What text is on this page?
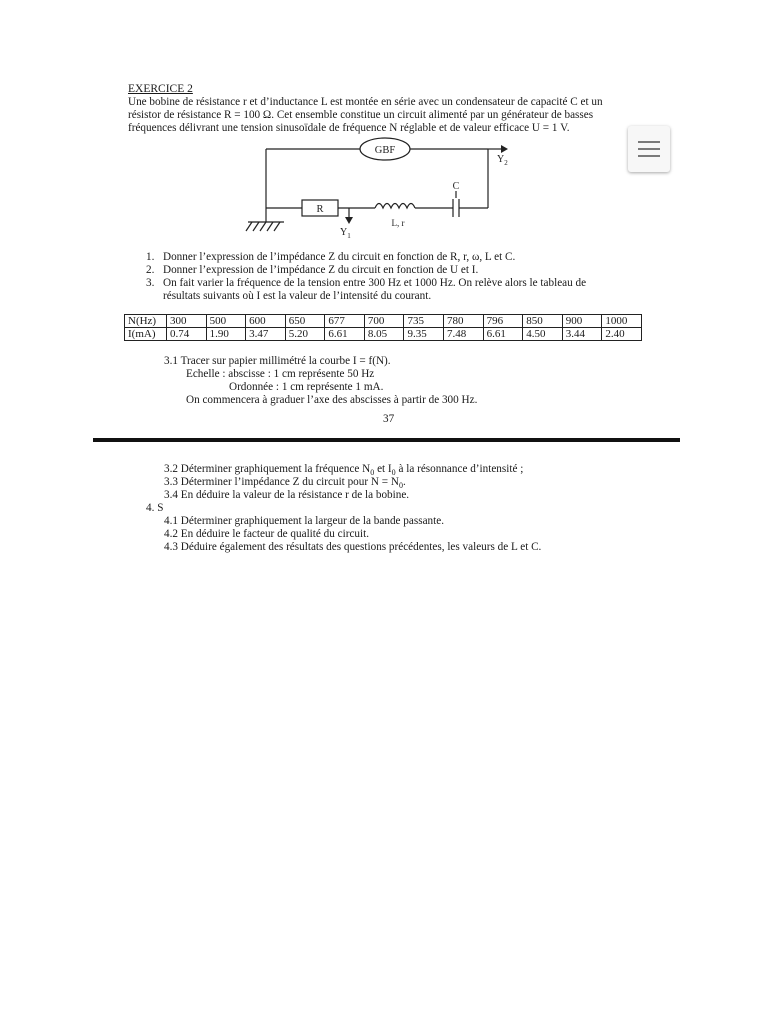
EXERCICE 2

Une bobine de résistance r et d’inductance L est montée en série avec un condensateur de capacité C et un

résistor de résistance R = 100 Ω. Cet ensemble constitue un circuit alimenté par un générateur de basses

fréquences délivrant une tension sinusoïdale de fréquence N réglable et de valeur efficace U = 1 V.

GBF
R
L, r
C
$Y_1$
$Y_2$

1. Donner l’expression de l’impédance Z du circuit en fonction de R, r, ω, L et C.

2. Donner l’expression de l’impédance Z du circuit en fonction de U et I.

3. On fait varier la fréquence de la tension entre 300 Hz et 1000 Hz. On relève alors le tableau de

résultats suivants où I est la valeur de l’intensité du courant.

N(Hz)	300	500	600	650	677	700	735	780	796	850	900	1000
I(mA)	0.74	1.90	3.47	5.20	6.61	8.05	9.35	7.48	6.61	4.50	3.44	2.40

3.1 Tracer sur papier millimétré la courbe I = f(N).

Echelle : abscisse : 1 cm représente 50 Hz

Ordonnée : 1 cm représente 1 mA.

On commencera à graduer l’axe des abscisses à partir de 300 Hz.

37

3.2 Déterminer graphiquement la fréquence $N_0$ et $I_0$ à la résonnance d’intensité ;

3.3 Déterminer l’impédance Z du circuit pour $N = N_0$.

3.4 En déduire la valeur de la résistance r de la bobine.

4. S

4.1 Déterminer graphiquement la largeur de la bande passante.

4.2 En déduire le facteur de qualité du circuit.

4.3 Déduire également des résultats des questions précédentes, les valeurs de L et C.
